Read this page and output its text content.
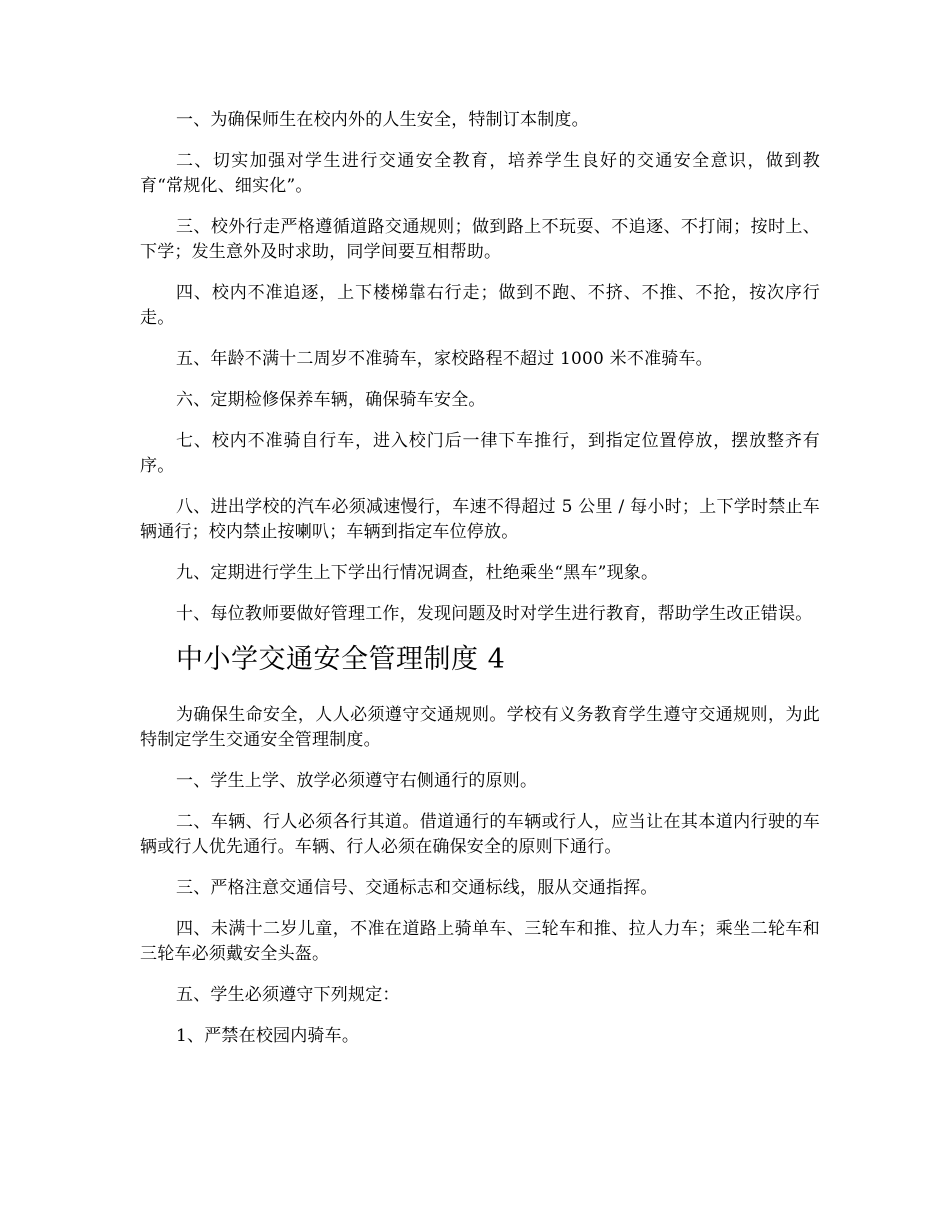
一、为确保师生在校内外的人生安全，特制订本制度。

二、切实加强对学生进行交通安全教育，培养学生良好的交通安全意识，做到教育“常规化、细实化”。

三、校外行走严格遵循道路交通规则；做到路上不玩耍、不追逐、不打闹；按时上、下学；发生意外及时求助，同学间要互相帮助。

四、校内不准追逐，上下楼梯靠右行走；做到不跑、不挤、不推、不抢，按次序行走。

五、年龄不满十二周岁不准骑车，家校路程不超过 1000 米不准骑车。

六、定期检修保养车辆，确保骑车安全。

七、校内不准骑自行车，进入校门后一律下车推行，到指定位置停放，摆放整齐有序。

八、进出学校的汽车必须减速慢行，车速不得超过 5 公里 / 每小时；上下学时禁止车辆通行；校内禁止按喇叭；车辆到指定车位停放。

九、定期进行学生上下学出行情况调查，杜绝乘坐“黑车”现象。

十、每位教师要做好管理工作，发现问题及时对学生进行教育，帮助学生改正错误。

中小学交通安全管理制度 4

为确保生命安全，人人必须遵守交通规则。学校有义务教育学生遵守交通规则，为此特制定学生交通安全管理制度。

一、学生上学、放学必须遵守右侧通行的原则。

二、车辆、行人必须各行其道。借道通行的车辆或行人，应当让在其本道内行驶的车辆或行人优先通行。车辆、行人必须在确保安全的原则下通行。

三、严格注意交通信号、交通标志和交通标线，服从交通指挥。

四、未满十二岁儿童，不准在道路上骑单车、三轮车和推、拉人力车；乘坐二轮车和三轮车必须戴安全头盔。

五、学生必须遵守下列规定：

1、严禁在校园内骑车。
